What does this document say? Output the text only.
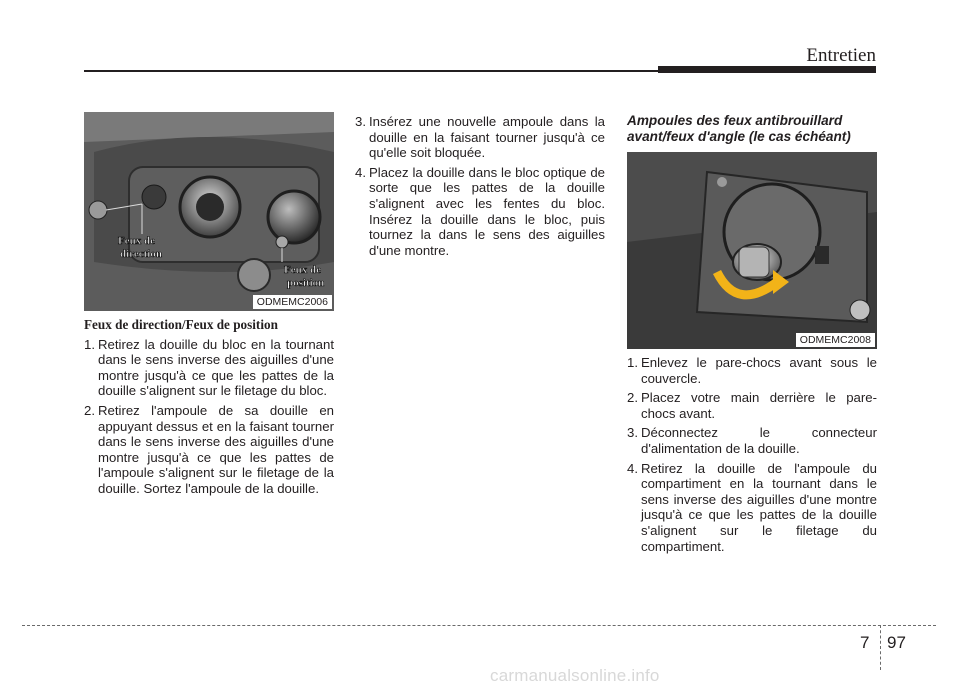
Entretien
Feux de
direction
Feux de
position
ODMEMC2006
Feux de direction/Feux de position
1. Retirez la douille du bloc en la tournant dans le sens inverse des aiguilles d'une montre jusqu'à ce que les pattes de la douille s'alignent sur le filetage du bloc.
2. Retirez l'ampoule de sa douille en appuyant dessus et en la faisant tourner dans le sens inverse des aiguilles d'une montre jusqu'à ce que les pattes de l'ampoule s'alignent sur le filetage de la douille. Sortez l'ampoule de la douille.
3. Insérez une nouvelle ampoule dans la douille en la faisant tourner jusqu'à ce qu'elle soit bloquée.
4. Placez la douille dans le bloc optique de sorte que les pattes de la douille s'alignent avec les fentes du bloc. Insérez la douille dans le bloc, puis tournez la dans le sens des aiguilles d'une montre.
Ampoules des feux antibrouillard avant/feux d'angle (le cas échéant)
ODMEMC2008
1. Enlevez le pare-chocs avant sous le couvercle.
2. Placez votre main derrière le pare-chocs avant.
3. Déconnectez le connecteur d'alimentation de la douille.
4. Retirez la douille de l'ampoule du compartiment en la tournant dans le sens inverse des aiguilles d'une montre jusqu'à ce que les pattes de la douille s'alignent sur le filetage du compartiment.
7 97
carmanualsonline.info
